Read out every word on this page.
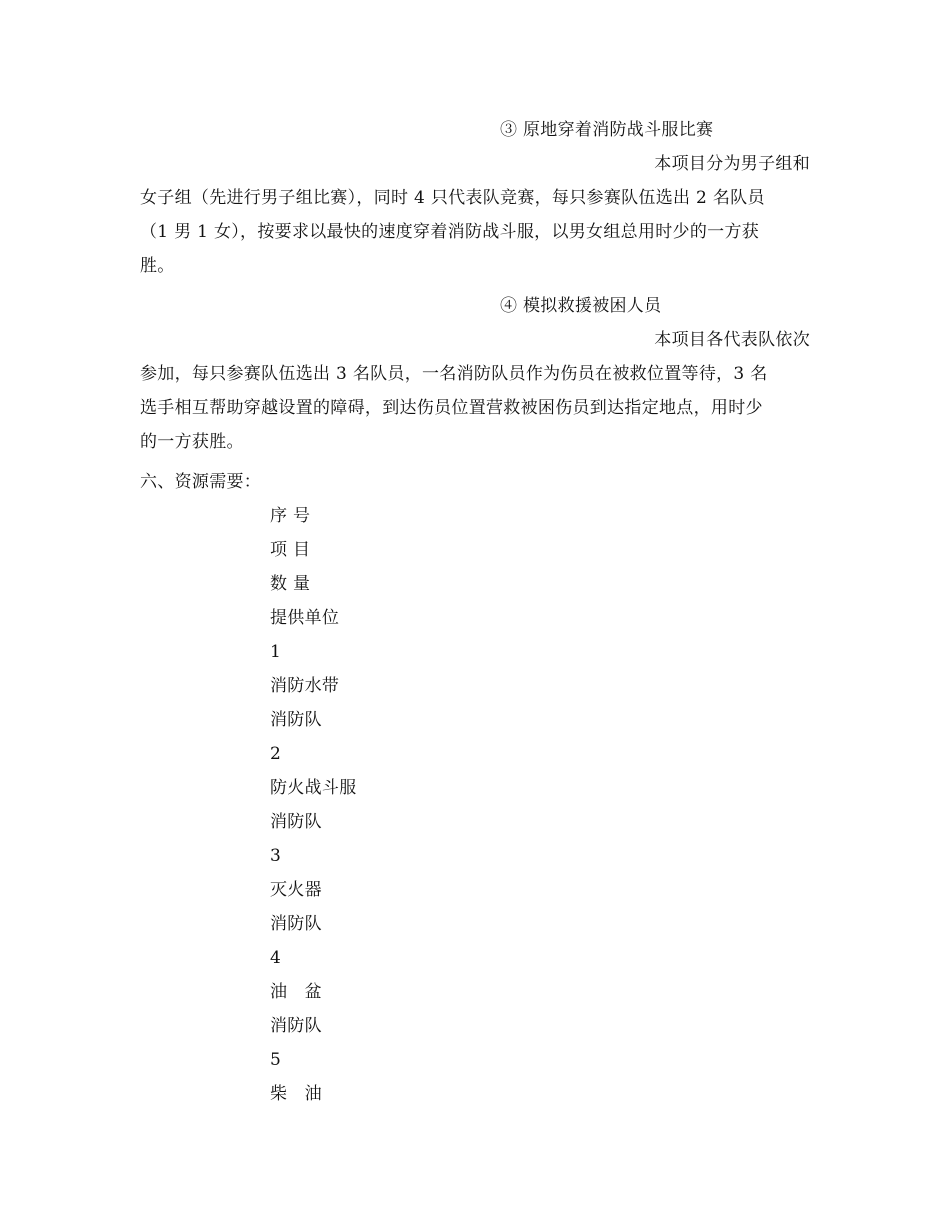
③ 原地穿着消防战斗服比赛
本项目分为男子组和
女子组（先进行男子组比赛），同时 4 只代表队竞赛，每只参赛队伍选出 2 名队员
（1 男 1 女），按要求以最快的速度穿着消防战斗服，以男女组总用时少的一方获
胜。
④ 模拟救援被困人员
本项目各代表队依次
参加，每只参赛队伍选出 3 名队员，一名消防队员作为伤员在被救位置等待，3 名
选手相互帮助穿越设置的障碍，到达伤员位置营救被困伤员到达指定地点，用时少
的一方获胜。
六、资源需要：
序 号
项 目
数 量
提供单位
1
消防水带
消防队
2
防火战斗服
消防队
3
灭火器
消防队
4
油　盆
消防队
5
柴　油
